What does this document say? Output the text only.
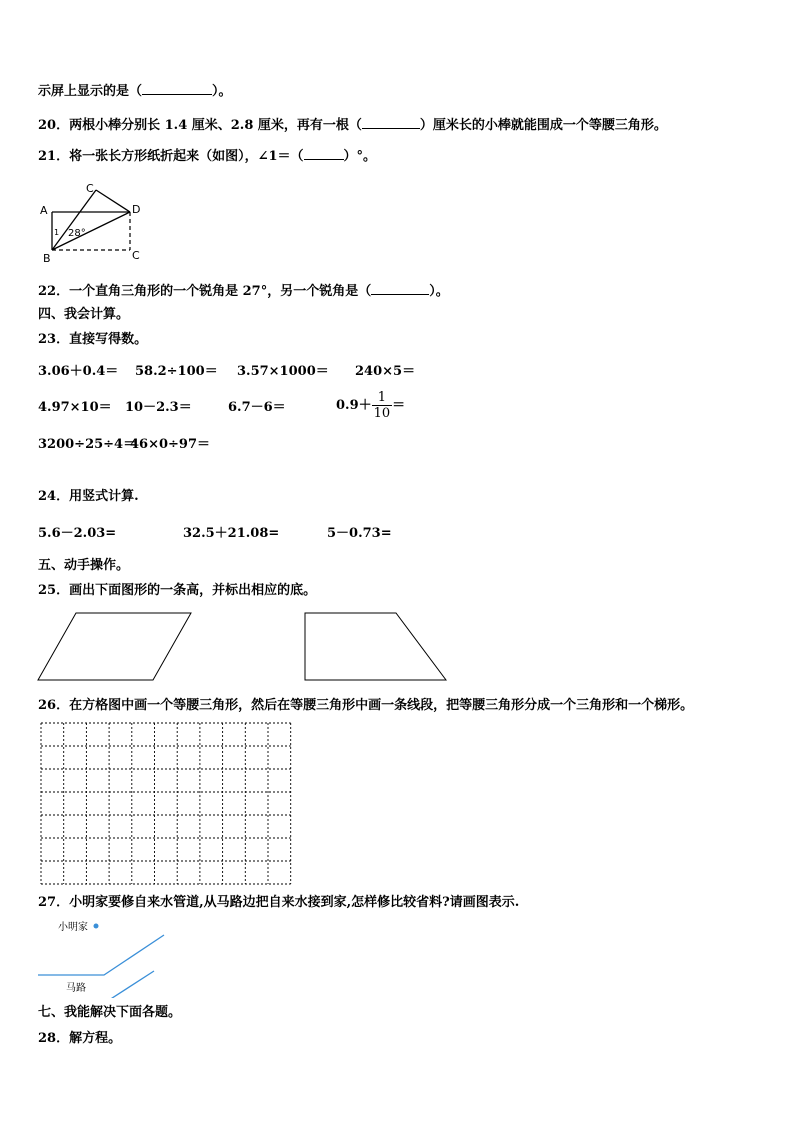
示屏上显示的是（	）。
20．两根小棒分别长 1.4 厘米、2.8 厘米，再有一根（	）厘米长的小棒就能围成一个等腰三角形。
21．将一张长方形纸折起来（如图），∠1＝（	）°。
A
B
C
D
C
1 28°
22．一个直角三角形的一个锐角是 27°，另一个锐角是（	）。
四、我会计算。
23．直接写得数。
3.06＋0.4＝ 58.2÷100＝ 3.57×1000＝ 240×5＝
4.97×10＝ 10－2.3＝	6.7－6＝	$0.9+ \frac{1}{10}$ ＝
3200÷25÷4＝
46×0÷97＝
24．用竖式计算.
5.6－2.03=	32.5＋21.08=	5－0.73=
五、动手操作。
25．画出下面图形的一条高，并标出相应的底。
26．在方格图中画一个等腰三角形，然后在等腰三角形中画一条线段，把等腰三角形分成一个三角形和一个梯形。
27．小明家要修自来水管道,从马路边把自来水接到家,怎样修比较省料?请画图表示.
小明家
马路
七、我能解决下面各题。
28．解方程。
